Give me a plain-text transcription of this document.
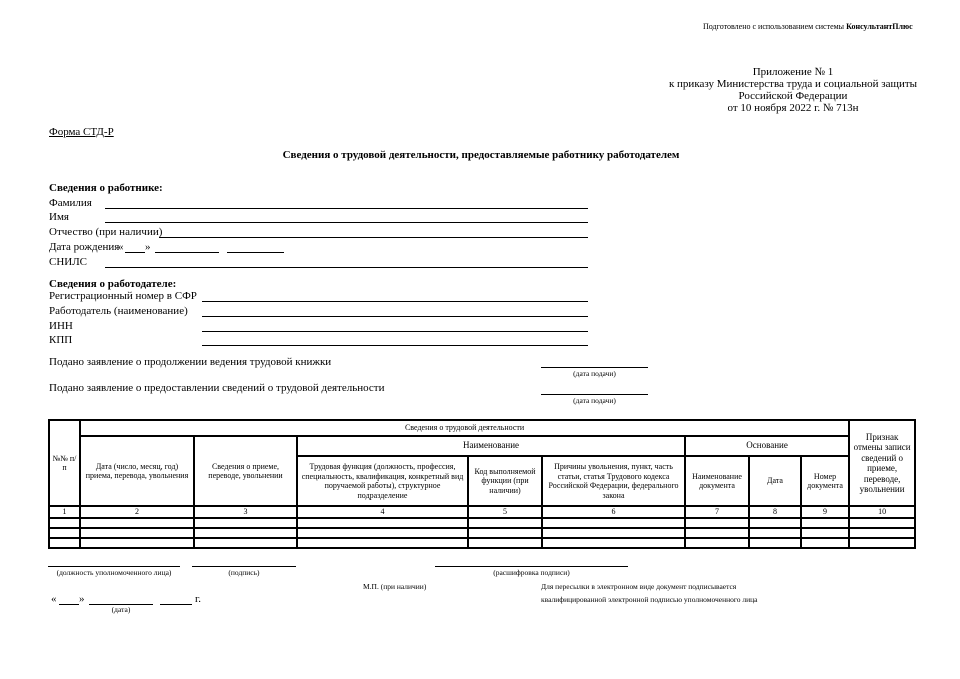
Подготовлено с использованием системы КонсультантПлюс
Приложение № 1
к приказу Министерства труда и социальной защиты
Российской Федерации
от 10 ноября 2022 г. № 713н
Форма СТД-Р
Сведения о трудовой деятельности, предоставляемые работнику работодателем
Сведения о работнике:
Фамилия
Имя
Отчество (при наличии)
Дата рождения
« »
СНИЛС
Сведения о работодателе:
Регистрационный номер в СФР
Работодатель (наименование)
ИНН
КПП
Подано заявление о продолжении ведения трудовой книжки
(дата подачи)
Подано заявление о предоставлении сведений о трудовой деятельности
(дата подачи)
№№ п/п	Сведения о трудовой деятельности								Признак отмены записи сведений о приеме, переводе, увольнении
	Дата (число, месяц, год) приема, перевода, увольнения	Сведения о приеме, переводе, увольнении	Наименование			Основание			
			Трудовая функция (должность, профессия, специальность, квалификация, конкретный вид поручаемой работы), структурное подразделение	Код выполняемой функции (при наличии)	Причины увольнения, пункт, часть статьи, статья Трудового кодекса Российской Федерации, федерального закона	Наименование документа	Дата	Номер документа	
1	2	3	4	5	6	7	8	9	10

(должность уполномоченного лица)	(подпись)	(расшифровка подписи)
М.П. (при наличии)	Для пересылки в электронном виде документ подписывается
квалифицированной электронной подписью уполномоченного лица
« »	г.
(дата)
